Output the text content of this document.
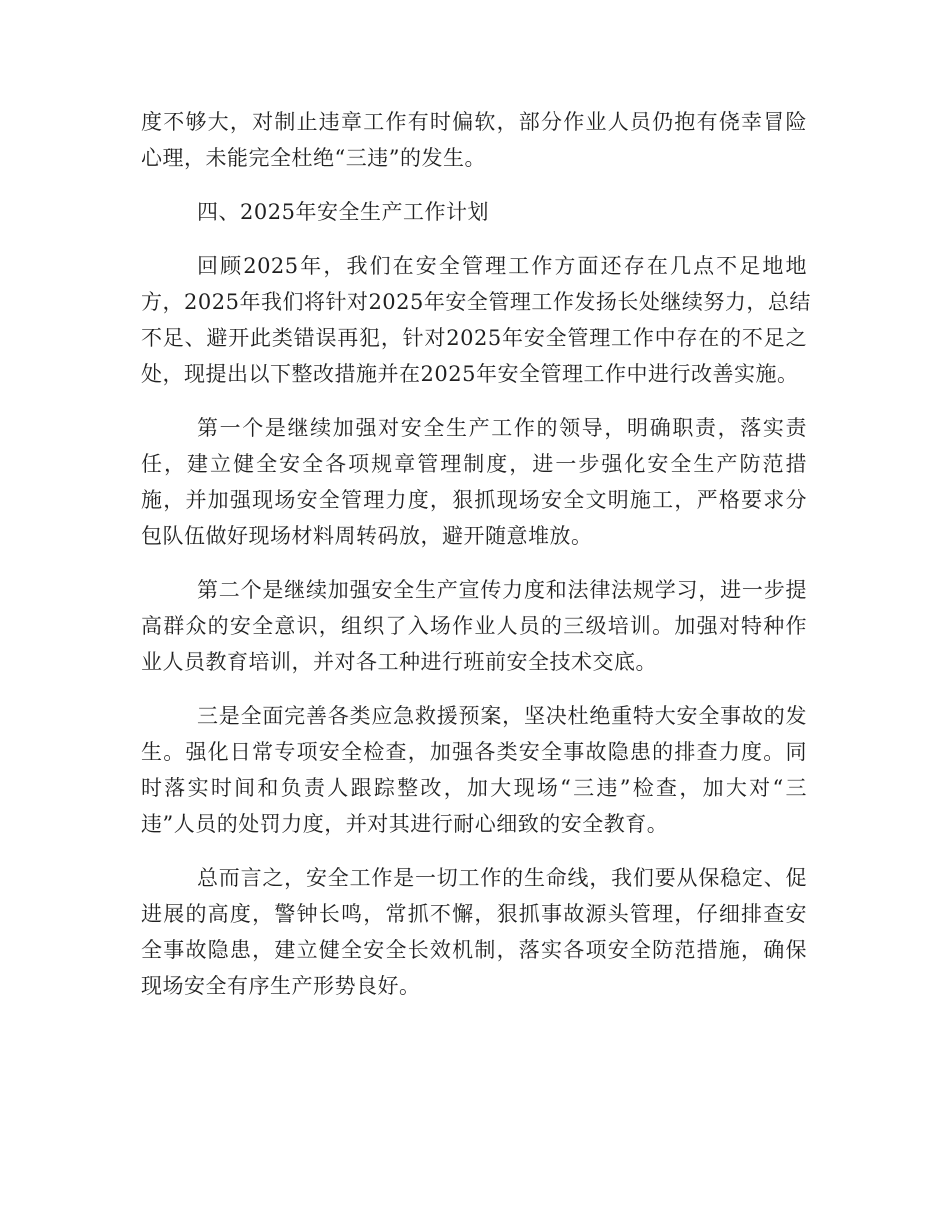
度不够大，对制止违章工作有时偏软，部分作业人员仍抱有侥幸冒险
心理，未能完全杜绝“三违”的发生。

四、2025年安全生产工作计划

回顾2025年，我们在安全管理工作方面还存在几点不足地地
方，2025年我们将针对2025年安全管理工作发扬长处继续努力，总结
不足、避开此类错误再犯，针对2025年安全管理工作中存在的不足之
处，现提出以下整改措施并在2025年安全管理工作中进行改善实施。

第一个是继续加强对安全生产工作的领导，明确职责，落实责
任，建立健全安全各项规章管理制度，进一步强化安全生产防范措
施，并加强现场安全管理力度，狠抓现场安全文明施工，严格要求分
包队伍做好现场材料周转码放，避开随意堆放。

第二个是继续加强安全生产宣传力度和法律法规学习，进一步提
高群众的安全意识，组织了入场作业人员的三级培训。加强对特种作
业人员教育培训，并对各工种进行班前安全技术交底。

三是全面完善各类应急救援预案，坚决杜绝重特大安全事故的发
生。强化日常专项安全检查，加强各类安全事故隐患的排查力度。同
时落实时间和负责人跟踪整改，加大现场“三违”检查，加大对“三
违”人员的处罚力度，并对其进行耐心细致的安全教育。

总而言之，安全工作是一切工作的生命线，我们要从保稳定、促
进展的高度，警钟长鸣，常抓不懈，狠抓事故源头管理，仔细排查安
全事故隐患，建立健全安全长效机制，落实各项安全防范措施，确保
现场安全有序生产形势良好。
